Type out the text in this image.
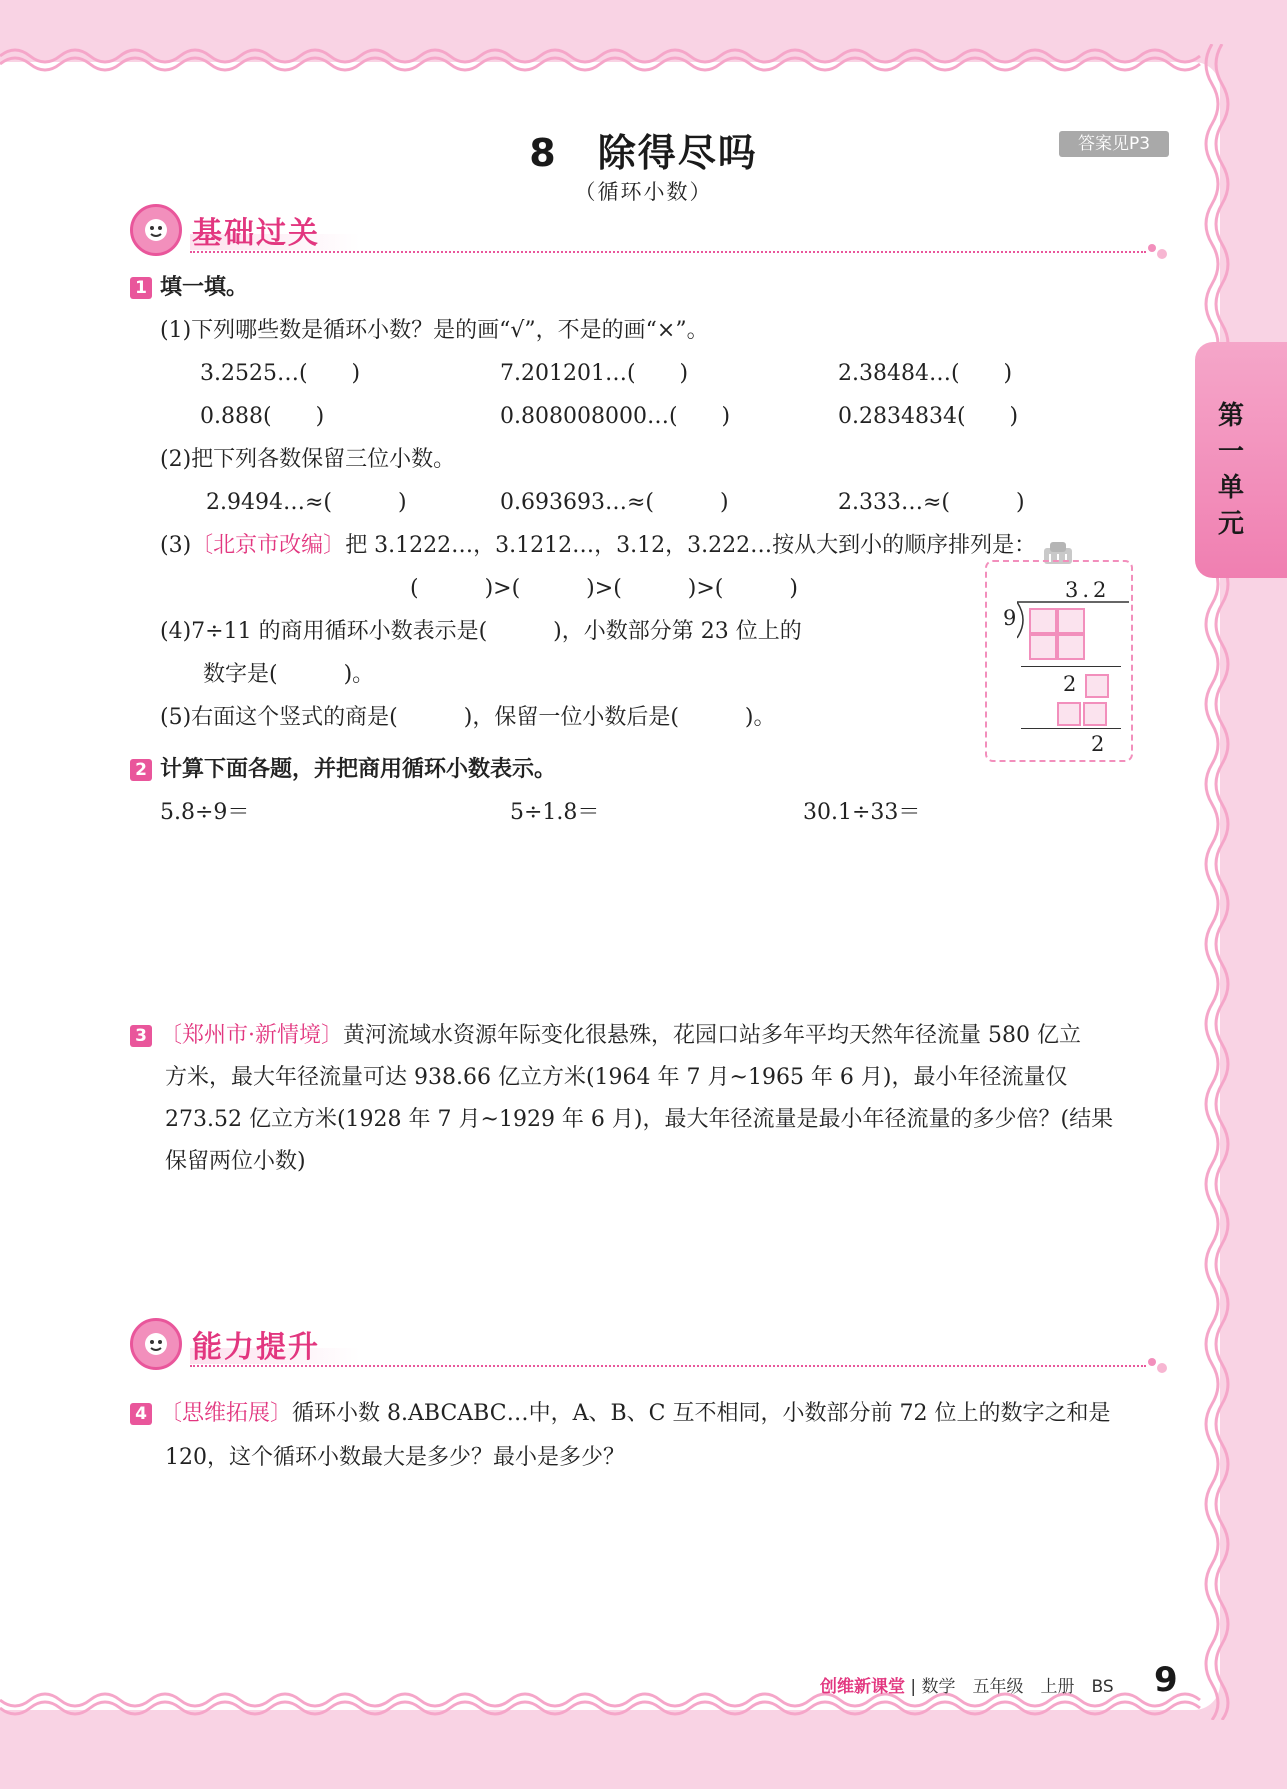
8　除得尽吗
（循环小数）
答案见P3
第一单元
基础过关
1 填一填。
(1)下列哪些数是循环小数？是的画“√”，不是的画“×”。
3.2525…(　　)	7.201201…(　　)	2.38484…(　　)
0.888(　　)	0.808008000…(　　)	0.2834834(　　)
(2)把下列各数保留三位小数。
2.9494…≈(　　　)	0.693693…≈(　　　)	2.333…≈(　　　)
(3)〔北京市改编〕把 3.1222…，3.1212…，3.12，3.222…按从大到小的顺序排列是：
(　　　)>(　　　)>(　　　)>(　　　)
(4)7÷11 的商用循环小数表示是(　　　)，小数部分第 23 位上的
数字是(　　　)。
(5)右面这个竖式的商是(　　　)，保留一位小数后是(　　　)。
3.2
9
2
2
2 计算下面各题，并把商用循环小数表示。
5.8÷9＝	5÷1.8＝	30.1÷33＝
3 〔郑州市·新情境〕黄河流域水资源年际变化很悬殊，花园口站多年平均天然年径流量 580 亿立
方米，最大年径流量可达 938.66 亿立方米(1964 年 7 月~1965 年 6 月)，最小年径流量仅
273.52 亿立方米(1928 年 7 月~1929 年 6 月)，最大年径流量是最小年径流量的多少倍？(结果
保留两位小数)
能力提升
4 〔思维拓展〕循环小数 8.ABCABC…中，A、B、C 互不相同，小数部分前 72 位上的数字之和是
120，这个循环小数最大是多少？最小是多少？
创维新课堂 | 数学　五年级　上册　BS 9
